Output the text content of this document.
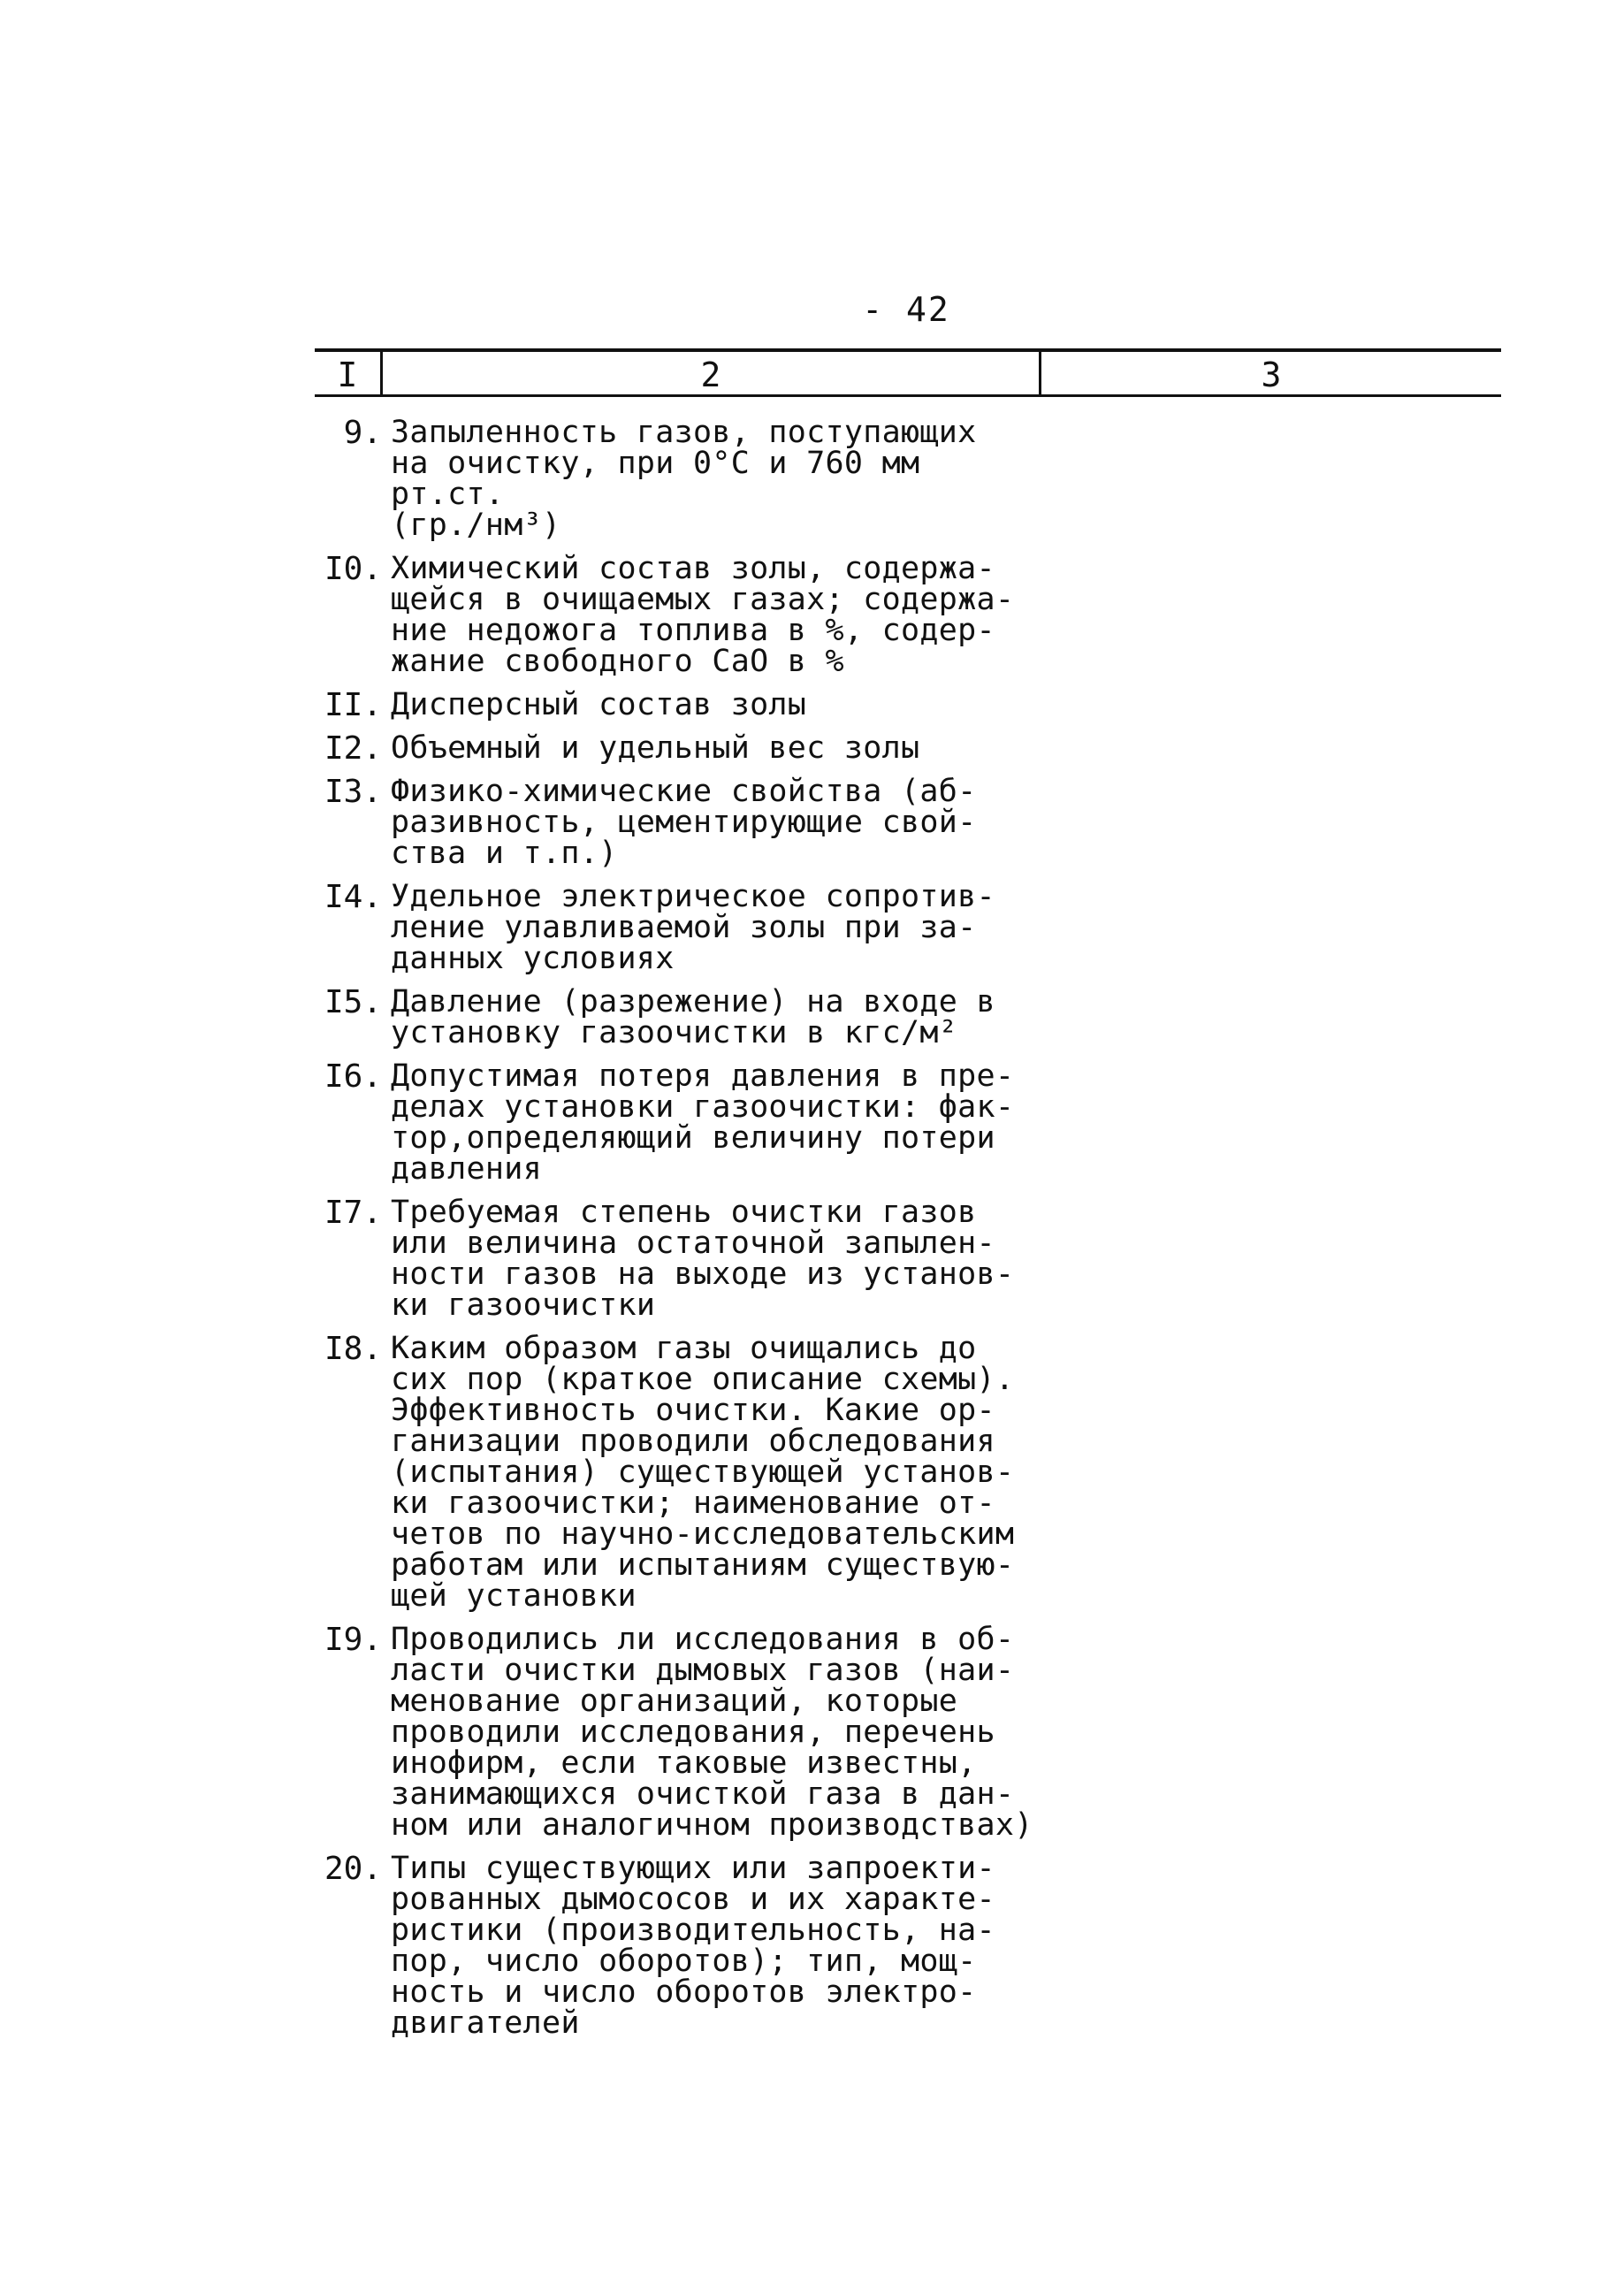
- 42
I	2	3
9. Запыленность газов, поступающих
на очистку, при 0°С и 760 мм рт.ст.
(гр./нм³)
I0. Химический состав золы, содержа-
щейся в очищаемых газах; содержа-
ние недожога топлива в %, содер-
жание свободного СаО в %
II. Дисперсный состав золы
I2. Объемный и удельный вес золы
I3. Физико-химические свойства (аб-
разивность, цементирующие свой-
ства и т.п.)
I4. Удельное электрическое сопротив-
ление улавливаемой золы при за-
данных условиях
I5. Давление (разрежение) на входе в
установку газоочистки в кгс/м²
I6. Допустимая потеря давления в пре-
делах установки газоочистки: фак-
тор,определяющий величину потери
давления
I7. Требуемая степень очистки газов
или величина остаточной запылен-
ности газов на выходе из установ-
ки газоочистки
I8. Каким образом газы очищались до
сих пор (краткое описание схемы).
Эффективность очистки. Какие ор-
ганизации проводили обследования
(испытания) существующей установ-
ки газоочистки; наименование от-
четов по научно-исследовательским
работам или испытаниям существую-
щей установки
I9. Проводились ли исследования в об-
ласти очистки дымовых газов (наи-
менование организаций, которые
проводили исследования, перечень
инофирм, если таковые известны,
занимающихся очисткой газа в дан-
ном или аналогичном производствах)
20. Типы существующих или запроекти-
рованных дымососов и их характе-
ристики (производительность, на-
пор, число оборотов); тип, мощ-
ность и число оборотов электро-
двигателей
